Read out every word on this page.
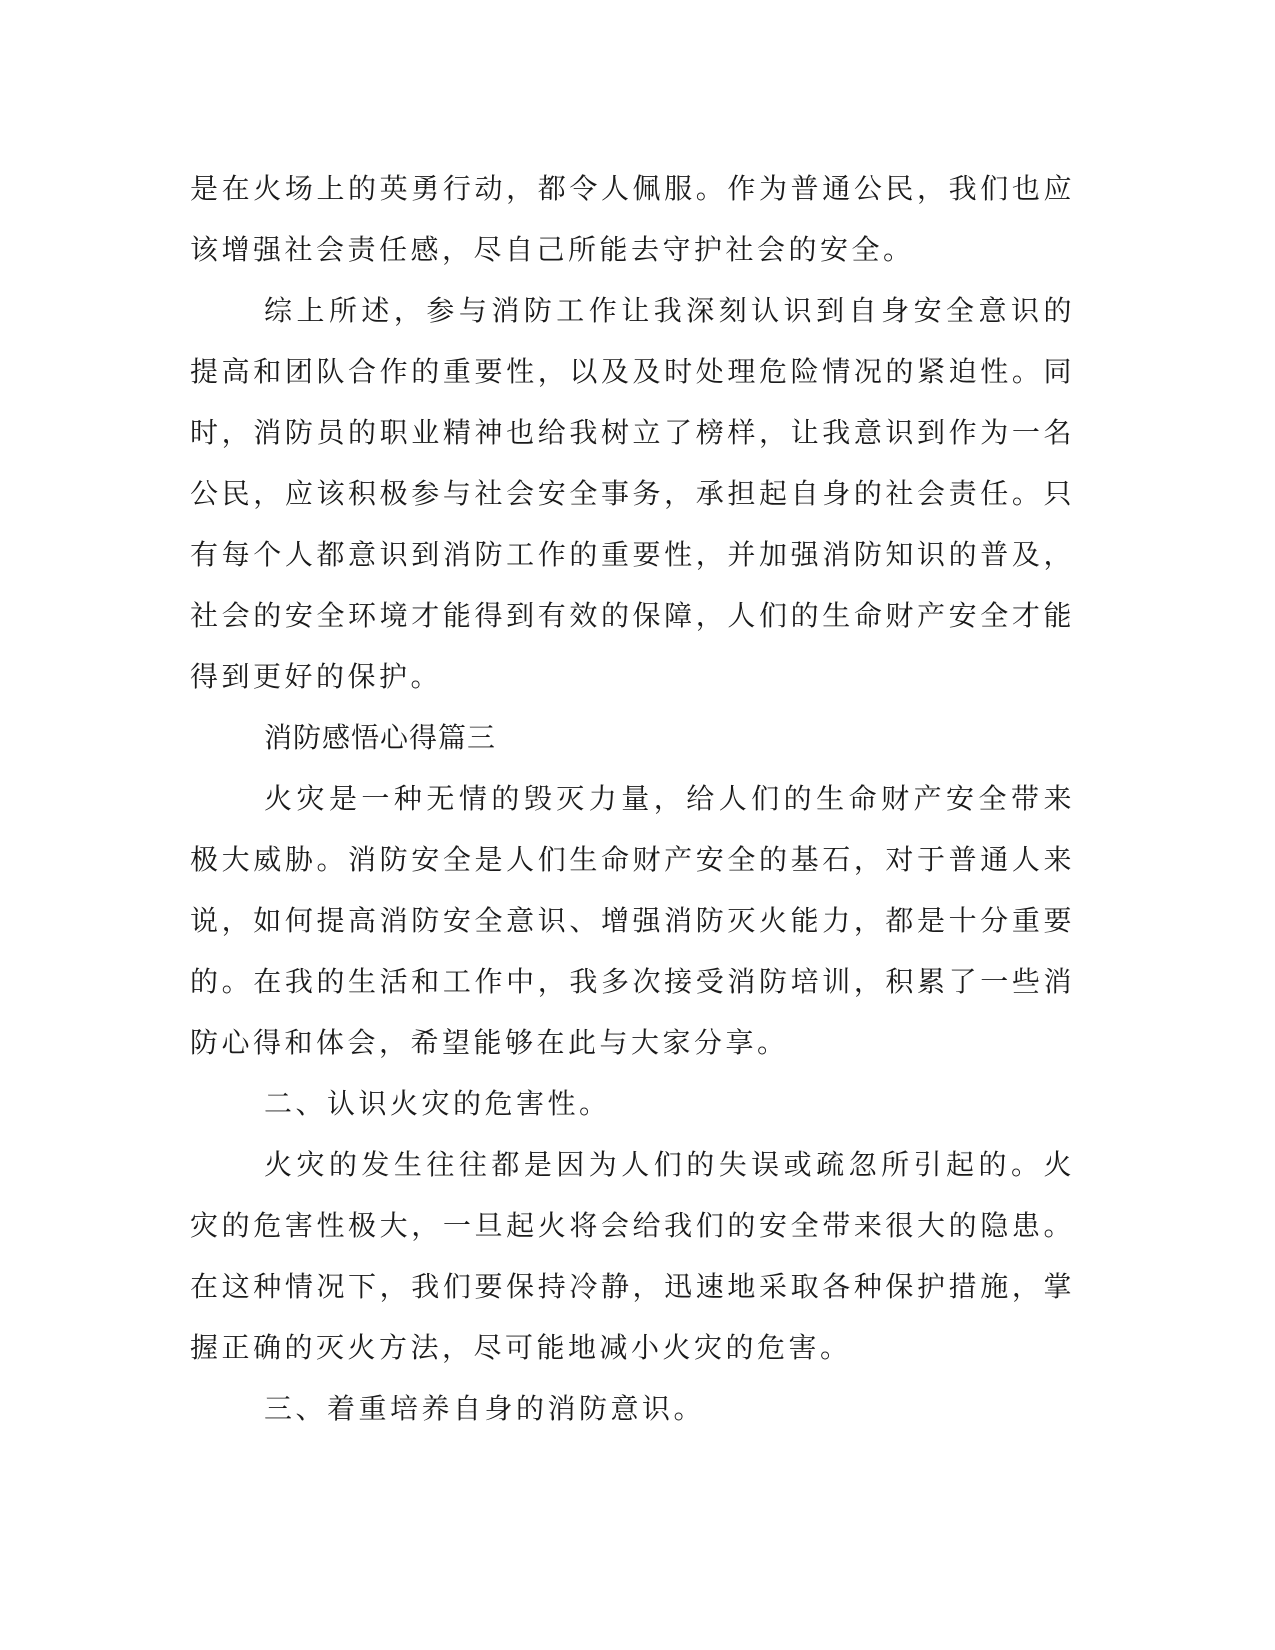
是在火场上的英勇行动，都令人佩服。作为普通公民，我们也应该增强社会责任感，尽自己所能去守护社会的安全。

综上所述，参与消防工作让我深刻认识到自身安全意识的提高和团队合作的重要性，以及及时处理危险情况的紧迫性。同时，消防员的职业精神也给我树立了榜样，让我意识到作为一名公民，应该积极参与社会安全事务，承担起自身的社会责任。只有每个人都意识到消防工作的重要性，并加强消防知识的普及，社会的安全环境才能得到有效的保障，人们的生命财产安全才能得到更好的保护。

消防感悟心得篇三

火灾是一种无情的毁灭力量，给人们的生命财产安全带来极大威胁。消防安全是人们生命财产安全的基石，对于普通人来说，如何提高消防安全意识、增强消防灭火能力，都是十分重要的。在我的生活和工作中，我多次接受消防培训，积累了一些消防心得和体会，希望能够在此与大家分享。

二、认识火灾的危害性。

火灾的发生往往都是因为人们的失误或疏忽所引起的。火灾的危害性极大，一旦起火将会给我们的安全带来很大的隐患。在这种情况下，我们要保持冷静，迅速地采取各种保护措施，掌握正确的灭火方法，尽可能地减小火灾的危害。

三、着重培养自身的消防意识。
